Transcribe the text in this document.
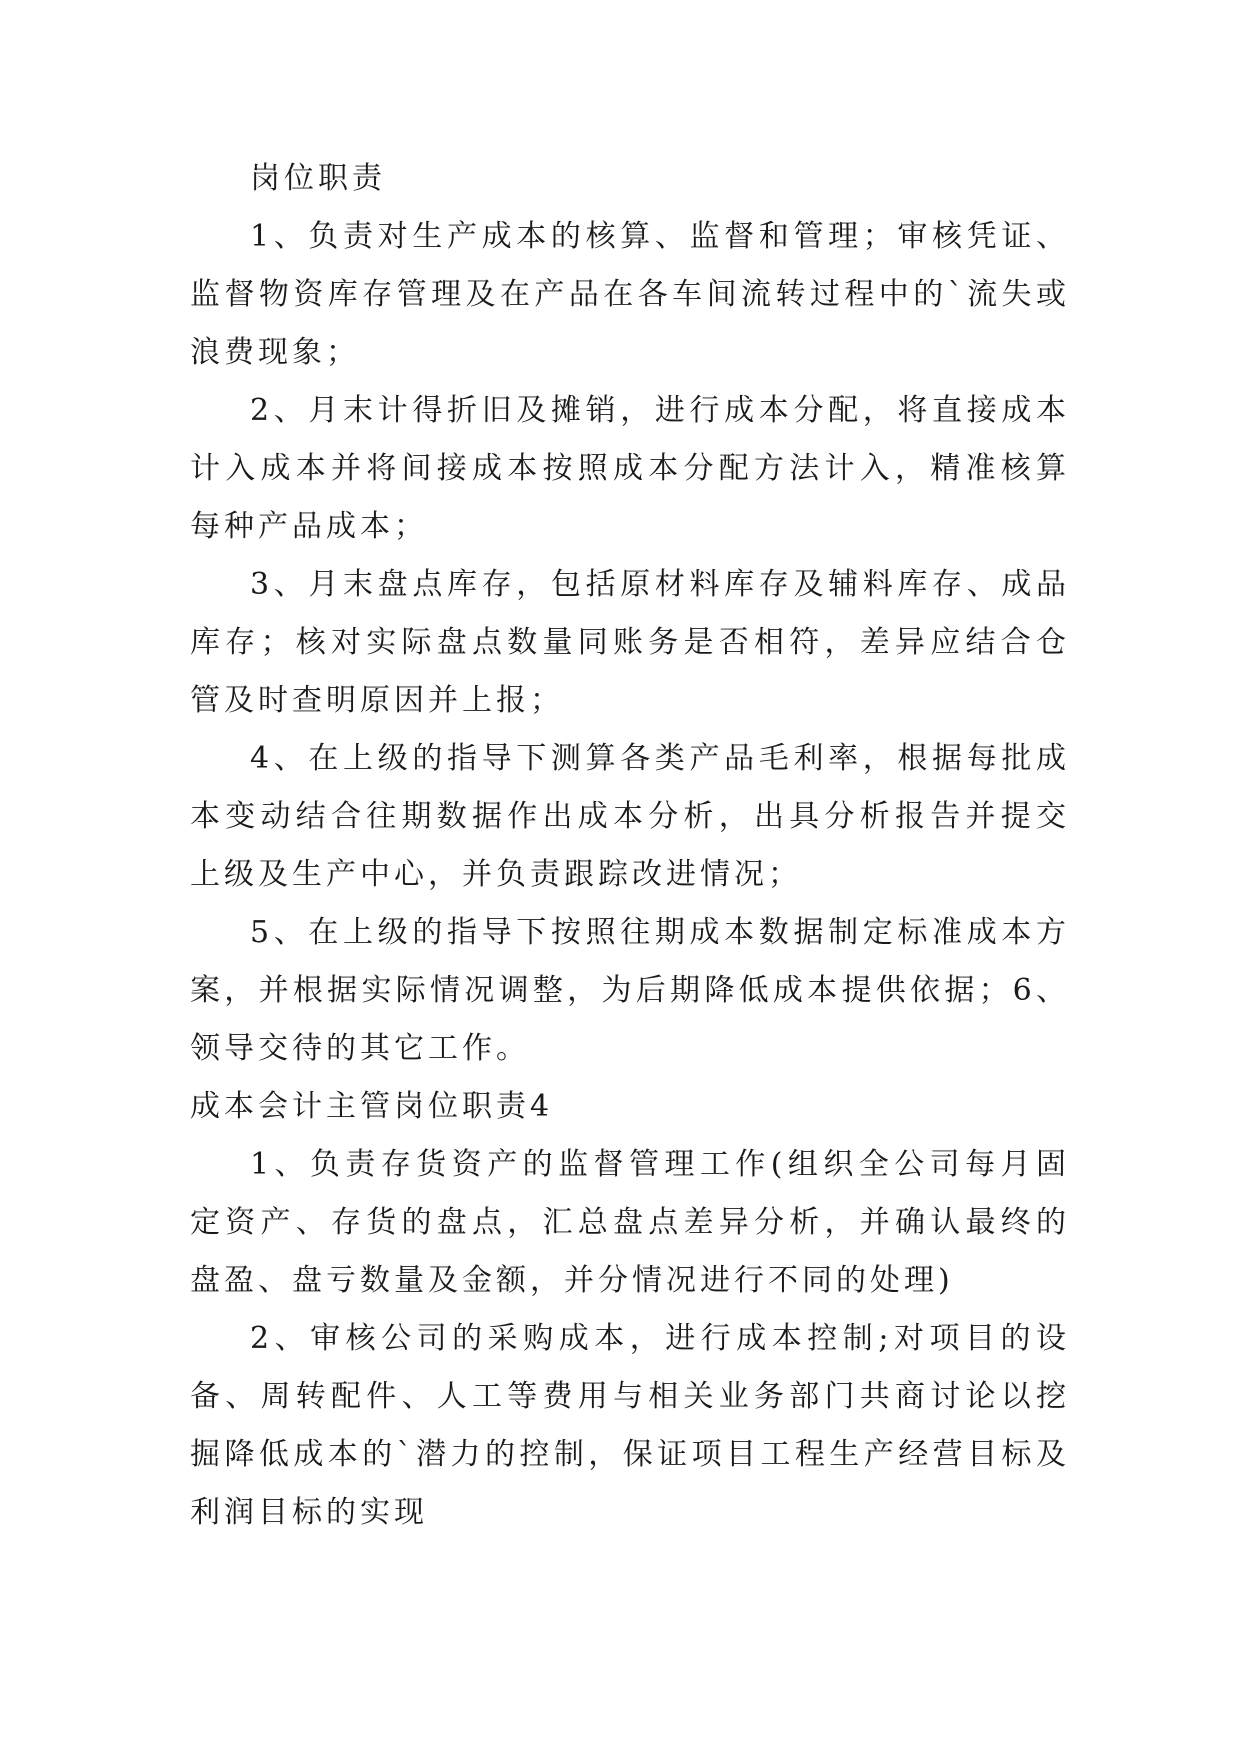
岗位职责

1、负责对生产成本的核算、监督和管理；审核凭证、监督物资库存管理及在产品在各车间流转过程中的`流失或浪费现象；

2、月末计得折旧及摊销，进行成本分配，将直接成本计入成本并将间接成本按照成本分配方法计入，精准核算每种产品成本；

3、月末盘点库存，包括原材料库存及辅料库存、成品库存；核对实际盘点数量同账务是否相符，差异应结合仓管及时查明原因并上报；

4、在上级的指导下测算各类产品毛利率，根据每批成本变动结合往期数据作出成本分析，出具分析报告并提交上级及生产中心，并负责跟踪改进情况；

5、在上级的指导下按照往期成本数据制定标准成本方案，并根据实际情况调整，为后期降低成本提供依据；6、领导交待的其它工作。

成本会计主管岗位职责4

1、负责存货资产的监督管理工作(组织全公司每月固定资产、存货的盘点，汇总盘点差异分析，并确认最终的盘盈、盘亏数量及金额，并分情况进行不同的处理)

2、审核公司的采购成本，进行成本控制;对项目的设备、周转配件、人工等费用与相关业务部门共商讨论以挖掘降低成本的`潜力的控制，保证项目工程生产经营目标及利润目标的实现
